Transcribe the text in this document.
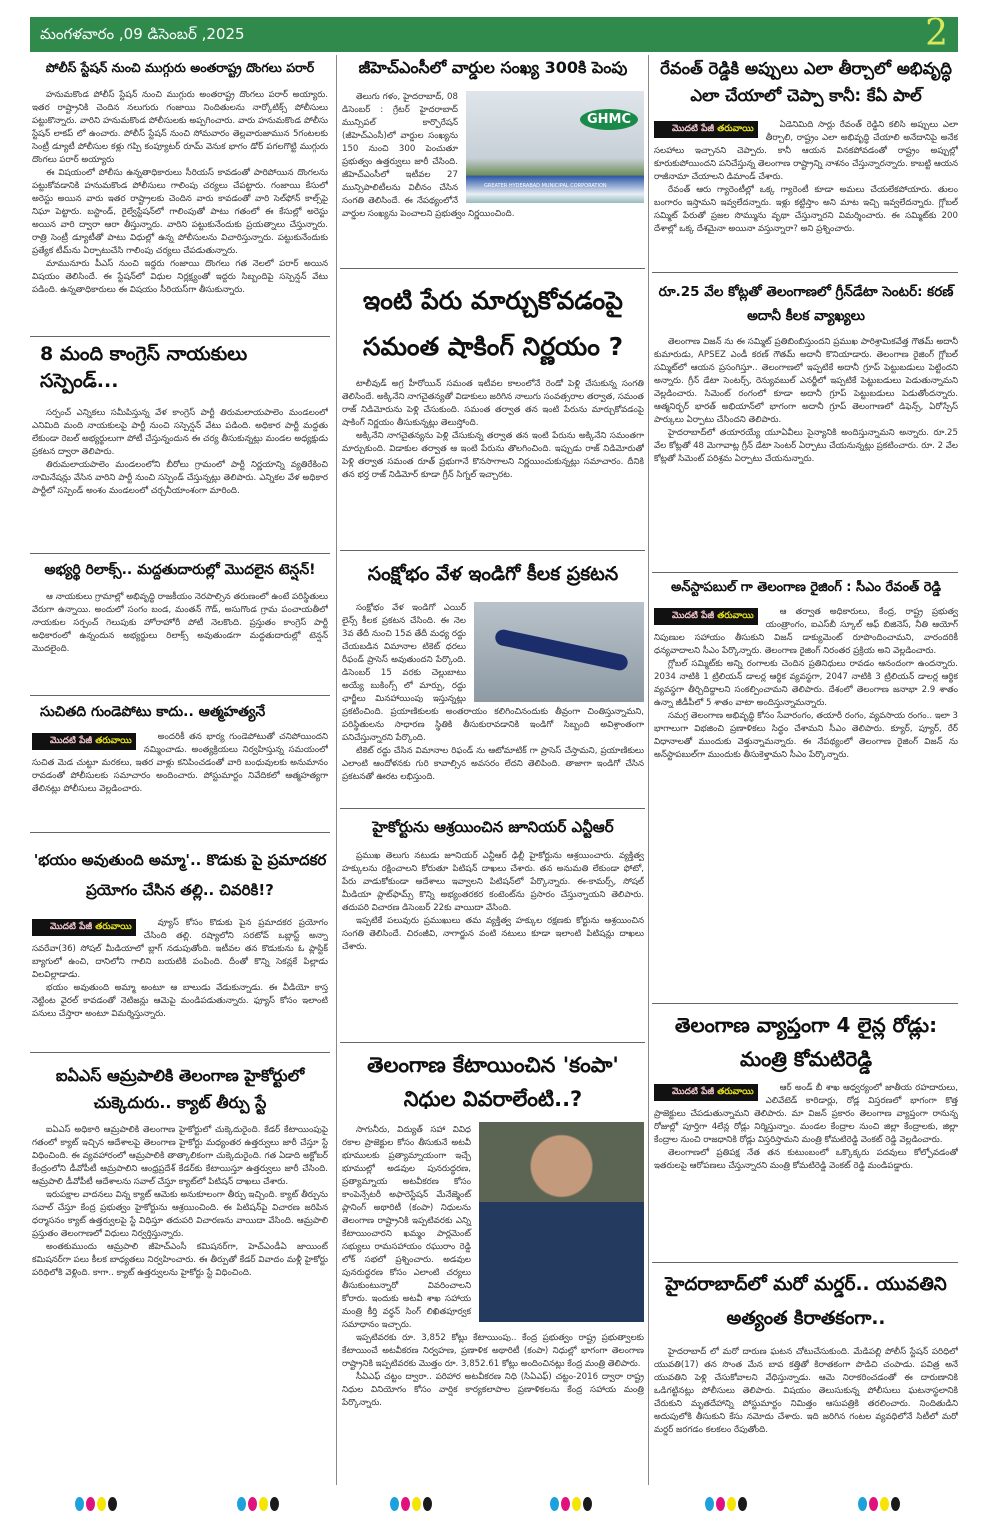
మంగళవారం ,09 డిసెంబర్ ,2025	2
పోలీస్ స్టేషన్ నుంచి ముగ్గురు అంతరాష్ట్ర దొంగలు పరార్

హనుమకొండ పోలీస్ స్టేషన్ నుంచి ముగ్గురు అంతరాష్ట్ర దొంగలు పరార్ అయ్యారు. ఇతర రాష్ట్రానికి చెందిన నలుగురు గంజాయి నిందితులను నార్కోటిక్స్ పోలీసులు పట్టుకొన్నారు. వారిని హనుమకొండ పోలీసులకు అప్పగించారు. వారు హనుమకొండ పోలీసు స్టేషన్ లాకప్ లో ఉంచారు. పోలీస్ స్టేషన్ నుంచి సోమవారం తెల్లవారుజామున 5గంటలకు సెంట్రీ డ్యూటీ పోలీసుల కళ్లు గప్పి కంప్యూటర్ రూమ్ వెనుక భాగం డోర్ పగలగొట్టి ముగ్గురు దొంగలు పరార్ అయ్యారు

ఈ విషయంలో పోలీసు ఉన్నతాధికారులు సీరియస్ కావడంతో పారిపోయిన దొంగలను పట్టుకోవడానికి హనుమకొండ పోలీసులు గాలింపు చర్యలు చేపట్టారు. గంజాయి కేసులో అరెస్టు అయిన వారు ఇతర రాష్ట్రాలకు చెందిన వారు కావడంతో వారి సెల్‌ఫోన్ కాల్స్‌పై నిఘా పెట్టారు. బస్టాండ్, రైల్వేస్టేషన్‌లో గాలింపుతో పాటు గతంలో ఈ కేసుల్లో అరెస్టు అయిన వారి ద్వారా ఆరా తీస్తున్నారు. వారిని పట్టుకునేందుకు ప్రయత్నాలు చేస్తున్నారు. రాత్రి సెంట్రీ డ్యూటీతో పాటు విధుల్లో ఉన్న పోలీసులను విచారిస్తున్నారు. పట్టుకునేందుకు ప్రత్యేక టీమ్‌ను ఏర్పాటుచేసి గాలింపు చర్యలు చేపడుతున్నారు.

మామునూరు పీఎస్ నుంచి ఇద్దరు గంజాయి దొంగలు గత నెలలో పరార్ అయిన విషయం తెలిసిందే. ఈ స్టేషన్‌లో విధుల నిర్లక్ష్యంతో ఇద్దరు సిబ్బందిపై సస్పెన్షన్ వేటు పడింది. ఉన్నతాధికారులు ఈ విషయం సీరియస్‌గా తీసుకున్నారు.

8 మంది కాంగ్రెస్ నాయకులు సస్పెండ్...

సర్పంచ్ ఎన్నికలు సమీపిస్తున్న వేళ కాంగ్రెస్ పార్టీ తిరుమలాయపాలెం మండలంలో ఎనిమిది మంది నాయకులపై పార్టీ నుంచి సస్పెన్షన్ వేటు పడింది. అధికార పార్టీ మద్దతు లేకుండా రెబల్ అభ్యర్థులుగా పోటీ చేస్తున్నందున ఈ చర్య తీసుకున్నట్లు మండల అధ్యక్షుడు ప్రకటన ద్వారా తెలిపారు.

తిరుమలాయపాలెం మండలంలోని బీరోలు గ్రామంలో పార్టీ నిర్ణయాన్ని వ్యతిరేకించి నామినేషన్లు వేసిన వారిని పార్టీ నుంచి సస్పెండ్ చేస్తున్నట్లు తెలిపారు. ఎన్నికల వేళ అధికార పార్టీలో సస్పెండ్ అంశం మండలంలో చర్చనీయాంశంగా మారింది.

అభ్యర్థి రిలాక్స్.. మద్దతుదారుల్లో మొదలైన టెన్షన్!

ఆ నాయకులు గ్రామాల్లో అభివృద్ధి రాజకీయం నెరపాల్సిన తరుణంలో ఉంటే పరిస్థితులు వేరుగా ఉన్నాయి. అందులో సంగం బండ, మంతన్ గౌడ్, అసుగొండ గ్రామ పంచాయతీలో నాయకుల సర్పంచ్ గెలుపుకు హోరాహోరీ పోటీ నెలకొంది. ప్రస్తుతం కాంగ్రెస్ పార్టీ అధికారంలో ఉన్నందున అభ్యర్థులు రిలాక్స్ అవుతుండగా మద్దతుదారుల్లో టెన్షన్ మొదలైంది.

సుచితది గుండెపోటు కాదు.. ఆత్మహత్యనే
మొదటి పేజీ తరువాయి	అందరికీ తన భార్య గుండెపోటుతో చనిపోయిందని నమ్మించాడు. అంత్యక్రియలు నిర్వహిస్తున్న సమయంలో సుచిత మెడ చుట్టూ మరకలు, ఇతర వాళ్లు కనిపించడంతో వారి బంధువులకు అనుమానం రావడంతో పోలీసులకు సమాచారం అందించారు. పోస్టుమార్టం నివేదికలో ఆత్మహత్యగా తేలినట్లు పోలీసులు వెల్లడించారు.

'భయం అవుతుంది అమ్మా'.. కొడుకు పై ప్రమాదకర ప్రయోగం చేసిన తల్లి.. చివరికి!?
మొదటి పేజీ తరువాయి	వ్యూస్ కోసం కొడుకు పైన ప్రమాదకర ప్రయోగం చేసింది తల్లి. రష్యాలోని సరటోవ్ ఒబ్లాస్ట్ అన్నా సవరేవా(36) సోషల్ మీడియాలో బ్లాగ్ నడుపుతోంది. ఇటీవల తన కొడుకును ఓ ప్లాస్టిక్ బ్యాగులో ఉంచి, దానిలోని గాలిని బయటికి పంపింది. దీంతో కొన్ని సెకన్లకే పిల్లాడు విలవిల్లాడాడు.

భయం అవుతుంది అమ్మా అంటూ ఆ బాలుడు వేడుకున్నాడు. ఈ వీడియో కాస్త నెట్టింట వైరల్ కావడంతో నెటిజన్లు ఆమెపై మండిపడుతున్నారు. ఫ్యూస్ కోసం ఇలాంటి పనులు చేస్తారా అంటూ విమర్శిస్తున్నారు.

ఐఏఎస్ ఆమ్రపాలికి తెలంగాణ హైకోర్టులో చుక్కెదురు.. క్యాట్ తీర్పు స్టే

ఐఏఎస్ అధికారి ఆమ్రపాలికి తెలంగాణ హైకోర్టులో చుక్కెదురైంది. కేడర్ కేటాయింపుపై గతంలో క్యాట్ ఇచ్చిన ఆదేశాలపై తెలంగాణ హైకోర్టు మధ్యంతర ఉత్తర్వులు జారీ చేస్తూ స్టే విధించింది. ఈ వ్యవహారంలో ఆమ్రపాలికి తాత్కాలికంగా చుక్కెదురైంది. గత ఏడాది అక్టోబర్ కేంద్రంలోని డీవోపీటీ ఆమ్రపాలిని ఆంధ్రప్రదేశ్ కేడర్‌కు కేటాయిస్తూ ఉత్తర్వులు జారీ చేసింది. ఆమ్రపాలి డీవోపీటీ ఆదేశాలను సవాల్ చేస్తూ క్యాట్‌లో పిటిషన్ దాఖలు చేశారు.

ఇరుపక్షాల వాదనలు విన్న క్యాట్ ఆమెకు అనుకూలంగా తీర్పు ఇచ్చింది. క్యాట్ తీర్పును సవాల్ చేస్తూ కేంద్ర ప్రభుత్వం హైకోర్టును ఆశ్రయించింది. ఈ పిటిషన్‌పై విచారణ జరిపిన ధర్మాసనం క్యాట్ ఉత్తర్వులపై స్టే విధిస్తూ తదుపరి విచారణను వాయిదా వేసింది. ఆమ్రపాలి ప్రస్తుతం తెలంగాణలో విధులు నిర్వర్తిస్తున్నారు.

అంతకుముందు ఆమ్రపాలి జీహెచ్ఎంసీ కమిషనర్‌గా, హెచ్ఎండీఏ జాయింట్ కమిషనర్‌గా పలు కీలక బాధ్యతలు నిర్వహించారు. ఈ తీర్పుతో కేడర్ వివాదం మళ్లీ హైకోర్టు పరిధిలోకి వెళ్లింది. కాగా.. క్యాట్ ఉత్తర్వులను హైకోర్టు స్టే విధించింది.

జీహెచ్ఎంసీలో వార్డుల సంఖ్య 300కి పెంపు
GHMC
GREATER HYDERABAD MUNICIPAL CORPORATION

తెలుగు గళం, హైదరాబాద్, 08 డిసెంబర్ : గ్రేటర్ హైదరాబాద్ మున్సిపల్ కార్పొరేషన్ (జీహెచ్ఎంసీ)లో వార్డుల సంఖ్యను 150 నుంచి 300 పెంచుతూ ప్రభుత్వం ఉత్తర్వులు జారీ చేసింది. జీహెచ్ఎంసీలో ఇటీవల 27 మున్సిపాలిటీలను విలీనం చేసిన సంగతి తెలిసిందే. ఈ నేపథ్యంలోనే వార్డుల సంఖ్యను పెంచాలని ప్రభుత్వం నిర్ణయించింది.

ఇంటి పేరు మార్చుకోవడంపై సమంత షాకింగ్ నిర్ణయం ?

టాలీవుడ్ అగ్ర హీరోయిన్ సమంత ఇటీవల కాలంలోనే రెండో పెళ్లి చేసుకున్న సంగతి తెలిసిందే. అక్కినేని నాగచైతన్యతో విడాకులు జరిగిన నాలుగు సంవత్సరాల తర్వాత, సమంత రాజ్ నిడిమోరును పెళ్లి చేసుకుంది. సమంత తర్వాత తన ఇంటి పేరును మార్చుకోవడంపై షాకింగ్ నిర్ణయం తీసుకున్నట్లు తెలుస్తోంది.

అక్కినేని నాగచైతన్యను పెళ్లి చేసుకున్న తర్వాత తన ఇంటి పేరును అక్కినేని సమంతగా మార్చుకుంది. విడాకుల తర్వాత ఆ ఇంటి పేరును తొలగించింది. ఇప్పుడు రాజ్ నిడిమోరుతో పెళ్లి తర్వాత సమంత రూత్ ప్రభుగానే కొనసాగాలని నిర్ణయించుకున్నట్లు సమాచారం. దీనికి తన భర్త రాజ్ నిడిమోర్ కూడా గ్రీన్ సిగ్నల్ ఇచ్చారట.

సంక్షోభం వేళ ఇండిగో కీలక ప్రకటన

సంక్షోభం వేళ ఇండిగో ఎయిర్ లైన్స్ కీలక ప్రకటన చేసింది. ఈ నెల 3వ తేదీ నుంచి 15వ తేదీ మధ్య రద్దు చేయబడిన విమానాల టికెట్ ధరలు రీఫండ్ ప్రాసెస్ అవుతుందని పేర్కొంది. డిసెంబర్ 15 వరకు చెల్లుబాటు అయ్యే బుకింగ్స్ లో మార్పు, రద్దు ఛార్జీలు మినహాయింపు ఇస్తున్నట్లు ప్రకటించింది. ప్రయాణికులకు అంతరాయం కలిగించినందుకు తీవ్రంగా చింతిస్తున్నామని, పరిస్థితులను సాధారణ స్థితికి తీసుకురావడానికి ఇండిగో సిబ్బంది అవిశ్రాంతంగా పనిచేస్తున్నారని పేర్కొంది.

టికెట్ రద్దు చేసిన విమానాల రిఫండ్ ను ఆటోమాటిక్ గా ప్రాసెస్ చేస్తామని, ప్రయాణికులు ఎలాంటి ఆందోళనకు గురి కావాల్సిన అవసరం లేదని తెలిపింది. తాజాగా ఇండిగో చేసిన ప్రకటనతో ఊరట లభిస్తుంది.

హైకోర్టును ఆశ్రయించిన జూనియర్ ఎన్టీఆర్

ప్రముఖ తెలుగు నటుడు జూనియర్ ఎన్టీఆర్ ఢిల్లీ హైకోర్టును ఆశ్రయించారు. వ్యక్తిత్వ హక్కులను రక్షించాలని కోరుతూ పిటిషన్ దాఖలు చేశారు. తన అనుమతి లేకుండా ఫోటో, పేరు వాడుకోకుండా ఆదేశాలు ఇవ్వాలని పిటిషన్‌లో పేర్కొన్నారు. ఈ-కామర్స్, సోషల్ మీడియా ప్లాట్‌ఫామ్స్ కొన్ని అభ్యంతరకర కంటెంట్‌ను ప్రసారం చేస్తున్నాయని తెలిపారు. తదుపరి విచారణ డిసెంబర్ 22కు వాయిదా వేసింది.

ఇప్పటికే పలువురు ప్రముఖులు తమ వ్యక్తిత్వ హక్కుల రక్షణకు కోర్టును ఆశ్రయించిన సంగతి తెలిసిందే. చిరంజీవి, నాగార్జున వంటి నటులు కూడా ఇలాంటి పిటిషన్లు దాఖలు చేశారు.

తెలంగాణ కేటాయించిన 'కంపా' నిధుల వివరాలేంటి..?

సాగునీరు, విద్యుత్ సహా వివిధ రకాల ప్రాజెక్టుల కోసం తీసుకునే అటవీ భూములకు ప్రత్యామ్నాయంగా ఇచ్చే భూముల్లో అడవుల పునరుద్ధరణ, ప్రత్యామ్నాయ అటవీకరణ కోసం కాంపెన్సేటరీ అఫారెస్టేషన్ మేనేజ్మెంట్ ప్లానింగ్ అథారిటీ (కంపా) నిధులను తెలంగాణ రాష్ట్రానికి ఇప్పటివరకు ఎన్ని కేటాయించారని ఖమ్మం పార్లమెంట్ సభ్యులు రామసహాయం రఘురాం రెడ్డి లోక్ సభలో ప్రశ్నించారు. అడవుల పునరుద్ధరణ కోసం ఎలాంటి చర్యలు తీసుకుంటున్నారో వివరించాలని కోరారు. ఇందుకు అటవీ శాఖ సహాయ మంత్రి కీర్తి వర్ధన్ సింగ్ లిఖితపూర్వక సమాధానం ఇచ్చారు.

ఇప్పటివరకు రూ. 3,852 కోట్లు కేటాయింపు.. కేంద్ర ప్రభుత్వం రాష్ట్ర ప్రభుత్వాలకు కేటాయించే అటవీకరణ నిర్వహణ, ప్రణాళిక అథారిటీ (కంపా) నిధుల్లో భాగంగా తెలంగాణ రాష్ట్రానికి ఇప్పటివరకు మొత్తం రూ. 3,852.61 కోట్లు అందించినట్లు కేంద్ర మంత్రి తెలిపారు.

సీఏఎఫ్ చట్టం ద్వారా.. పరిహార అటవీకరణ నిధి (సిఏఎఫ్) చట్టం-2016 ద్వారా రాష్ట్ర నిధుల వినియోగం కోసం వార్షిక కార్యకలాపాల ప్రణాళికలను కేంద్ర సహాయ మంత్రి పేర్కొన్నారు.

రేవంత్ రెడ్డికి అప్పులు ఎలా తీర్చాలో అభివృద్ధి ఎలా చేయాలో చెప్పా కానీ: కేఏ పాల్
మొదటి పేజీ తరువాయి	ఏడెనిమిది సార్లు రేవంత్ రెడ్డిని కలిసి అప్పులు ఎలా తీర్చాలి, రాష్ట్రం ఎలా అభివృద్ధి చేయాలి అనేదానిపై అనేక సలహాలు ఇచ్చానని చెప్పారు. కానీ ఆయన వినకపోవడంతో రాష్ట్రం అప్పుల్లో కూరుకుపోయిందని పనిచేస్తున్న తెలంగాణ రాష్ట్రాన్ని నాశనం చేస్తున్నారన్నారు. కాబట్టి ఆయన రాజీనామా చేయాలని డిమాండ్ చేశారు.

రేవంత్ ఆరు గ్యారెంటీల్లో ఒక్క గ్యారెంటీ కూడా అమలు చేయలేకపోయారు. తులం బంగారం ఇస్తామని ఇవ్వలేదన్నారు. ఇళ్లు కట్టిస్తాం అని మాట ఇచ్చి ఇవ్వలేదన్నారు. గ్లోబల్ సమ్మిట్ పేరుతో ప్రజల సొమ్మును వృథా చేస్తున్నారని విమర్శించారు. ఈ సమ్మిట్‌కు 200 దేశాల్లో ఒక్క దేశమైనా అయినా వస్తున్నారా? అని ప్రశ్నించారు.

రూ.25 వేల కోట్లతో తెలంగాణలో గ్రీన్‌డేటా సెంటర్: కరణ్ అదానీ కీలక వ్యాఖ్యలు

తెలంగాణ విజన్ ను ఈ సమ్మిట్ ప్రతిబింబిస్తుందని ప్రముఖ పారిశ్రామికవేత్త గౌతమ్ అదానీ కుమారుడు, APSEZ ఎండీ కరణ్ గౌతమ్ అదానీ కొనియాడారు. తెలంగాణ రైజింగ్ గ్లోబల్ సమ్మిట్‌లో ఆయన ప్రసంగిస్తూ.. తెలంగాణలో ఇప్పటికే అదానీ గ్రూప్ పెట్టుబడులు పెట్టిందని అన్నారు. గ్రీన్ డేటా సెంటర్స్, రెన్యువబుల్ ఎనర్జీలో ఇప్పటికే పెట్టుబడులు పెడుతున్నామని వెల్లడించారు. సిమెంట్ రంగంలో కూడా అదానీ గ్రూప్ పెట్టుబడులు పెడుతోందన్నారు. ఆత్మనిర్భర్ భారత్ అభియాన్‌లో భాగంగా అదానీ గ్రూప్ తెలంగాణలో డిఫెన్స్, ఏరోస్పేస్ పార్కులు ఏర్పాటు చేసిందని తెలిపారు.

హైదరాబాద్‌లో తయారయ్యే యూఏవీలు సైన్యానికి అందిస్తున్నామని అన్నారు. రూ.25 వేల కోట్లతో 48 మెగావాట్ల గ్రీన్ డేటా సెంటర్ ఏర్పాటు చేయనున్నట్లు ప్రకటించారు. రూ. 2 వేల కోట్లతో సిమెంట్ పరిశ్రమ ఏర్పాటు చేయనున్నారు.

అన్‌స్టాపబుల్ గా తెలంగాణ రైజింగ్ : సీఎం రేవంత్ రెడ్డి
మొదటి పేజీ తరువాయి	ఆ తర్వాత అధికారులు, కేంద్ర, రాష్ట్ర ప్రభుత్వ యంత్రాంగం, ఐఎస్‌బీ స్కూల్ ఆఫ్ బిజినెస్, నీతి ఆయోగ్ నిపుణుల సహాయం తీసుకుని విజన్ డాక్యుమెంట్ రూపొందించామని, వారందరికీ ధన్యవాదాలని సీఎం పేర్కొన్నారు. తెలంగాణ రైజింగ్ నిరంతర ప్రక్రియ అని వెల్లడించారు.

గ్లోబల్ సమ్మిట్‌కు అన్ని రంగాలకు చెందిన ప్రతినిధులు రావడం ఆనందంగా ఉందన్నారు. 2034 నాటికి 1 ట్రిలియన్ డాలర్ల ఆర్థిక వ్యవస్థగా, 2047 నాటికి 3 ట్రిలియన్ డాలర్ల ఆర్థిక వ్యవస్థగా తీర్చిదిద్దాలని సంకల్పించామని తెలిపారు. దేశంలో తెలంగాణ జనాభా 2.9 శాతం ఉన్నా జీడీపీలో 5 శాతం వాటా అందిస్తున్నామన్నారు.

సమగ్ర తెలంగాణ అభివృద్ధి కోసం సేవారంగం, తయారీ రంగం, వ్యవసాయ రంగం.. ఇలా 3 భాగాలుగా విభజించి ప్రణాళికలు సిద్ధం చేశామని సీఎం తెలిపారు. క్యూర్, ప్యూర్, రేర్ విధానాలతో ముందుకు వెళ్తున్నామన్నారు. ఈ నేపథ్యంలో తెలంగాణ రైజింగ్ విజన్ ను అన్‌స్టాపబుల్‌గా ముందుకు తీసుకెళ్తామని సీఎం పేర్కొన్నారు.

తెలంగాణ వ్యాప్తంగా 4 లైన్ల రోడ్లు: మంత్రి కోమటిరెడ్డి
మొదటి పేజీ తరువాయి	ఆర్ అండ్ బీ శాఖ ఆధ్వర్యంలో జాతీయ రహదారులు, ఎలివేటెడ్ కారిడార్లు, రోడ్ల విస్తరణలో భాగంగా కొత్త ప్రాజెక్టులు చేపడుతున్నామని తెలిపారు. మా విజన్ ప్రకారం తెలంగాణ వ్యాప్తంగా రానున్న రోజుల్లో పూర్తిగా 4లేన్ల రోడ్లు నిర్మిస్తున్నాం. మండల కేంద్రాల నుంచి జిల్లా కేంద్రాలకు, జిల్లా కేంద్రాల నుంచి రాజధానికి రోడ్లు విస్తరిస్తామని మంత్రి కోమటిరెడ్డి వెంకట్ రెడ్డి వెల్లడించారు.

తెలంగాణలో ప్రతిపక్ష నేత తన కుటుంబంలో ఒక్కొక్కరు పదవులు కోల్పోవడంతో ఇతరులపై ఆరోపణలు చేస్తున్నారని మంత్రి కోమటిరెడ్డి వెంకట్ రెడ్డి మండిపడ్డారు.

హైదరాబాద్‌లో మరో మర్డర్.. యువతిని అత్యంత కిరాతకంగా..

హైదరాబాద్ లో మరో దారుణ ఘటన చోటుచేసుకుంది. మేడిపల్లి పోలీస్ స్టేషన్ పరిధిలో యువతి(17) తన సొంత మేన బావ కత్తితో కిరాతకంగా పొడిచి చంపాడు. పవిత్ర అనే యువతిని పెళ్లి చేసుకోవాలని వేధిస్తున్నాడు. ఆమె నిరాకరించడంతో ఈ దారుణానికి ఒడిగట్టినట్లు పోలీసులు తెలిపారు. విషయం తెలుసుకున్న పోలీసులు ఘటనాస్థలానికి చేరుకుని మృతదేహాన్ని పోస్టుమార్టం నిమిత్తం ఆసుపత్రికి తరలించారు. నిందితుడిని అదుపులోకి తీసుకుని కేసు నమోదు చేశారు. ఇది జరిగిన గంటల వ్యవధిలోనే సిటీలో మరో మర్డర్ జరగడం కలకలం రేపుతోంది.
